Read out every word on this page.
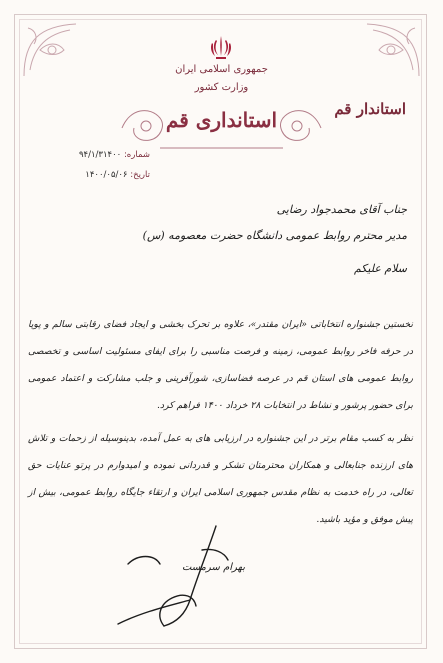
جمهوری اسلامی ایران
وزارت کشور
استانداری قم	استاندار قم
شماره: ۹۴/۱/۳۱۴۰۰
تاریخ: ۱۴۰۰/۰۵/۰۶
جناب آقای محمدجواد رضایی
مدیر محترم روابط عمومی دانشگاه حضرت معصومه (س)
سلام علیکم
نخستین جشنواره انتخاباتی «ایران مقتدر»، علاوه بر تحرک بخشی و ایجاد فضای رقابتی سالم و پویا در حرفه فاخر روابط عمومی، زمینه و فرصت مناسبی را برای ایفای مسئولیت اساسی و تخصصی روابط عمومی های استان قم در عرصه فضاسازی، شورآفرینی و جلب مشارکت و اعتماد عمومی برای حضور پرشور و نشاط در انتخابات ۲۸ خرداد ۱۴۰۰ فراهم کرد.
نظر به کسب مقام برتر در این جشنواره در ارزیابی های به عمل آمده، بدینوسیله از زحمات و تلاش های ارزنده جنابعالی و همکاران محترمتان تشکر و قدردانی نموده و امیدوارم در پرتو عنایات حق تعالی، در راه خدمت به نظام مقدس جمهوری اسلامی ایران و ارتقاء جایگاه روابط عمومی، بیش از پیش موفق و مؤید باشید.
بهرام سرمست
